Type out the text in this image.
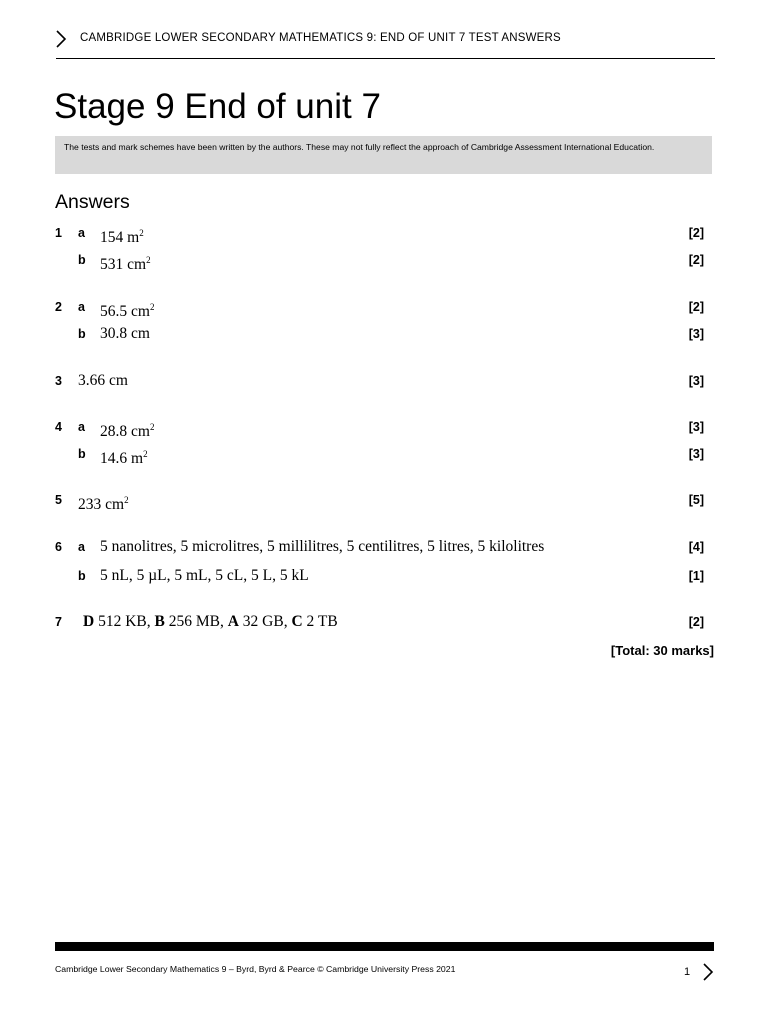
CAMBRIDGE LOWER SECONDARY MATHEMATICS 9: END OF UNIT 7 TEST ANSWERS
Stage 9 End of unit 7
The tests and mark schemes have been written by the authors. These may not fully reflect the approach of Cambridge Assessment International Education.
Answers
1 a 154 $m^2$	[2]
b 531 $cm^2$	[2]
2 a 56.5 $cm^2$	[2]
b 30.8 cm	[3]
3 3.66 cm	[3]
4 a 28.8 $cm^2$	[3]
b 14.6 $m^2$	[3]
5 233 $cm^2$	[5]
6 a 5 nanolitres, 5 microlitres, 5 millilitres, 5 centilitres, 5 litres, 5 kilolitres	[4]
b 5 nL, 5 µL, 5 mL, 5 cL, 5 L, 5 kL	[1]
7 D 512 KB, B 256 MB, A 32 GB, C 2 TB	[2]
[Total: 30 marks]
Cambridge Lower Secondary Mathematics 9 – Byrd, Byrd & Pearce © Cambridge University Press 2021	1
